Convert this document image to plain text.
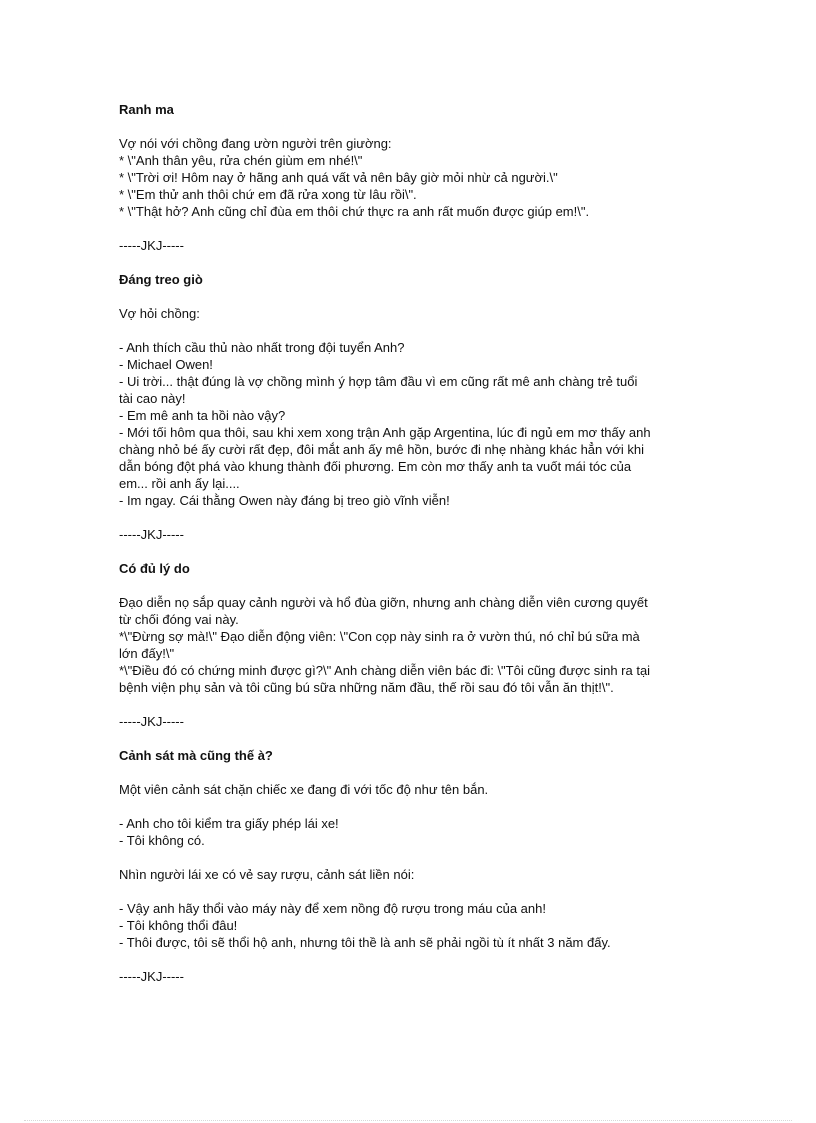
Ranh ma

Vợ nói với chồng đang ườn người trên giường:

* \"Anh thân yêu, rửa chén giùm em nhé!\"

* \"Trời ơi! Hôm nay ở hãng anh quá vất vả nên bây giờ mỏi nhừ cả người.\"

* \"Em thử anh thôi chứ em đã rửa xong từ lâu rồi\".

* \"Thật hở? Anh cũng chỉ đùa em thôi chứ thực ra anh rất muốn được giúp em!\".

-----JKJ-----

Đáng treo giò

Vợ hỏi chồng:

- Anh thích cầu thủ nào nhất trong đội tuyển Anh?

- Michael Owen!

- Ui trời... thật đúng là vợ chồng mình ý hợp tâm đầu vì em cũng rất mê anh chàng trẻ tuổi

tài cao này!

- Em mê anh ta hồi nào vậy?

- Mới tối hôm qua thôi, sau khi xem xong trận Anh gặp Argentina, lúc đi ngủ em mơ thấy anh

chàng nhỏ bé ấy cười rất đẹp, đôi mắt anh ấy mê hồn, bước đi nhẹ nhàng khác hẳn với khi

dẫn bóng đột phá vào khung thành đối phương. Em còn mơ thấy anh ta vuốt mái tóc của

em... rồi anh ấy lại....

- Im ngay. Cái thằng Owen này đáng bị treo giò vĩnh viễn!

-----JKJ-----

Có đủ lý do

Đạo diễn nọ sắp quay cảnh người và hổ đùa giỡn, nhưng anh chàng diễn viên cương quyết

từ chối đóng vai này.

*\"Đừng sợ mà!\" Đạo diễn động viên: \"Con cọp này sinh ra ở vườn thú, nó chỉ bú sữa mà

lớn đấy!\"

*\"Điều đó có chứng minh được gì?\" Anh chàng diễn viên bác đi: \"Tôi cũng được sinh ra tại

bệnh viện phụ sản và tôi cũng bú sữa những năm đầu, thế rồi sau đó tôi vẫn ăn thịt!\".

-----JKJ-----

Cảnh sát mà cũng thế à?

Một viên cảnh sát chặn chiếc xe đang đi với tốc độ như tên bắn.

- Anh cho tôi kiểm tra giấy phép lái xe!

- Tôi không có.

Nhìn người lái xe có vẻ say rượu, cảnh sát liền nói:

- Vậy anh hãy thổi vào máy này để xem nồng độ rượu trong máu của anh!

- Tôi không thổi đâu!

- Thôi được, tôi sẽ thổi hộ anh, nhưng tôi thề là anh sẽ phải ngồi tù ít nhất 3 năm đấy.

-----JKJ-----
